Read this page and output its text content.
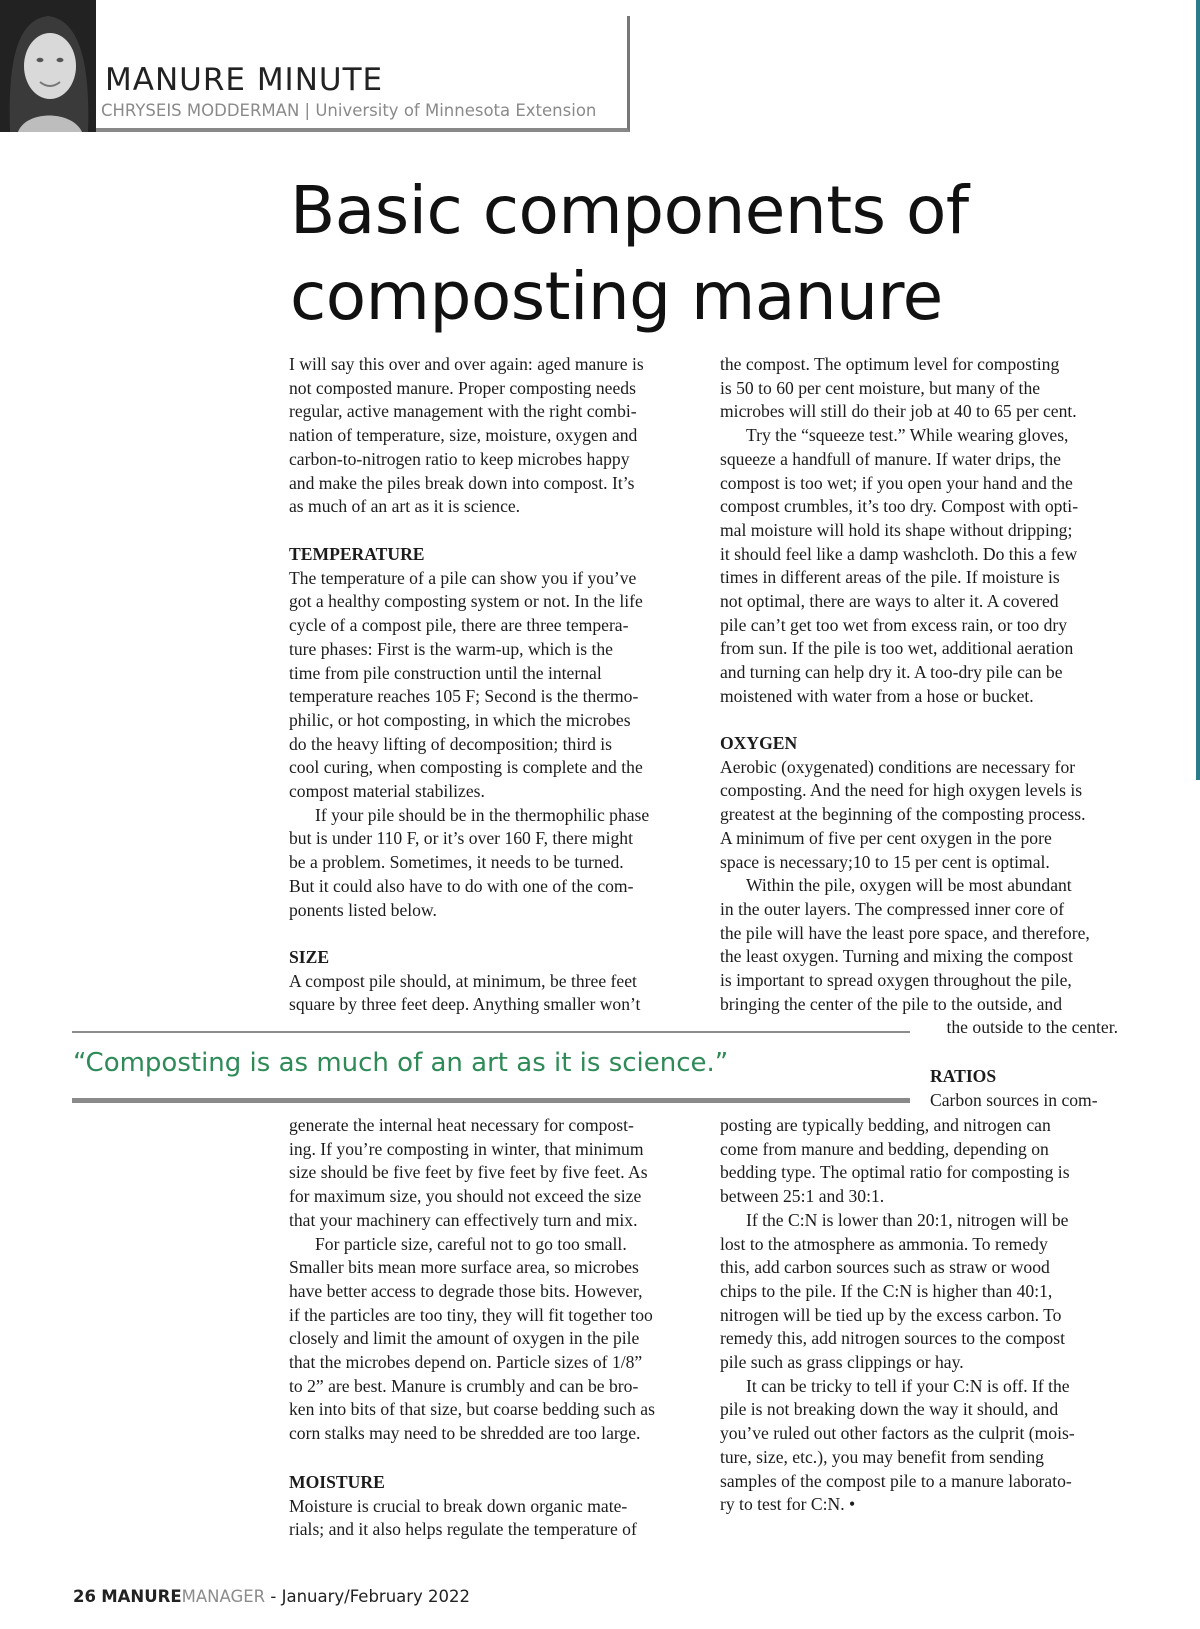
MANURE MINUTE
CHRYSEIS MODDERMAN | University of Minnesota Extension
Basic components of
composting manure
I will say this over and over again: aged manure is
not composted manure. Proper composting needs
regular, active management with the right combi-
nation of temperature, size, moisture, oxygen and
carbon-to-nitrogen ratio to keep microbes happy
and make the piles break down into compost. It’s
as much of an art as it is science.
TEMPERATURE
The temperature of a pile can show you if you’ve
got a healthy composting system or not. In the life
cycle of a compost pile, there are three tempera-
ture phases: First is the warm-up, which is the
time from pile construction until the internal
temperature reaches 105 F; Second is the thermo-
philic, or hot composting, in which the microbes
do the heavy lifting of decomposition; third is
cool curing, when composting is complete and the
compost material stabilizes.
If your pile should be in the thermophilic phase
but is under 110 F, or it’s over 160 F, there might
be a problem. Sometimes, it needs to be turned.
But it could also have to do with one of the com-
ponents listed below.
SIZE
A compost pile should, at minimum, be three feet
square by three feet deep. Anything smaller won’t
generate the internal heat necessary for compost-
ing. If you’re composting in winter, that minimum
size should be five feet by five feet by five feet. As
for maximum size, you should not exceed the size
that your machinery can effectively turn and mix.
For particle size, careful not to go too small.
Smaller bits mean more surface area, so microbes
have better access to degrade those bits. However,
if the particles are too tiny, they will fit together too
closely and limit the amount of oxygen in the pile
that the microbes depend on. Particle sizes of 1/8”
to 2” are best. Manure is crumbly and can be bro-
ken into bits of that size, but coarse bedding such as
corn stalks may need to be shredded are too large.
MOISTURE
Moisture is crucial to break down organic mate-
rials; and it also helps regulate the temperature of
the compost. The optimum level for composting
is 50 to 60 per cent moisture, but many of the
microbes will still do their job at 40 to 65 per cent.
Try the “squeeze test.” While wearing gloves,
squeeze a handfull of manure. If water drips, the
compost is too wet; if you open your hand and the
compost crumbles, it’s too dry. Compost with opti-
mal moisture will hold its shape without dripping;
it should feel like a damp washcloth. Do this a few
times in different areas of the pile. If moisture is
not optimal, there are ways to alter it. A covered
pile can’t get too wet from excess rain, or too dry
from sun. If the pile is too wet, additional aeration
and turning can help dry it. A too-dry pile can be
moistened with water from a hose or bucket.
OXYGEN
Aerobic (oxygenated) conditions are necessary for
composting. And the need for high oxygen levels is
greatest at the beginning of the composting process.
A minimum of five per cent oxygen in the pore
space is necessary;10 to 15 per cent is optimal.
Within the pile, oxygen will be most abundant
in the outer layers. The compressed inner core of
the pile will have the least pore space, and therefore,
the least oxygen. Turning and mixing the compost
is important to spread oxygen throughout the pile,
bringing the center of the pile to the outside, and
the outside to the center.
RATIOS
Carbon sources in com-
posting are typically bedding, and nitrogen can
come from manure and bedding, depending on
bedding type. The optimal ratio for composting is
between 25:1 and 30:1.
If the C:N is lower than 20:1, nitrogen will be
lost to the atmosphere as ammonia. To remedy
this, add carbon sources such as straw or wood
chips to the pile. If the C:N is higher than 40:1,
nitrogen will be tied up by the excess carbon. To
remedy this, add nitrogen sources to the compost
pile such as grass clippings or hay.
It can be tricky to tell if your C:N is off. If the
pile is not breaking down the way it should, and
you’ve ruled out other factors as the culprit (mois-
ture, size, etc.), you may benefit from sending
samples of the compost pile to a manure laborato-
ry to test for C:N. •
“Composting is as much of an art as it is science.”
26 MANUREMANAGER - January/February 2022
